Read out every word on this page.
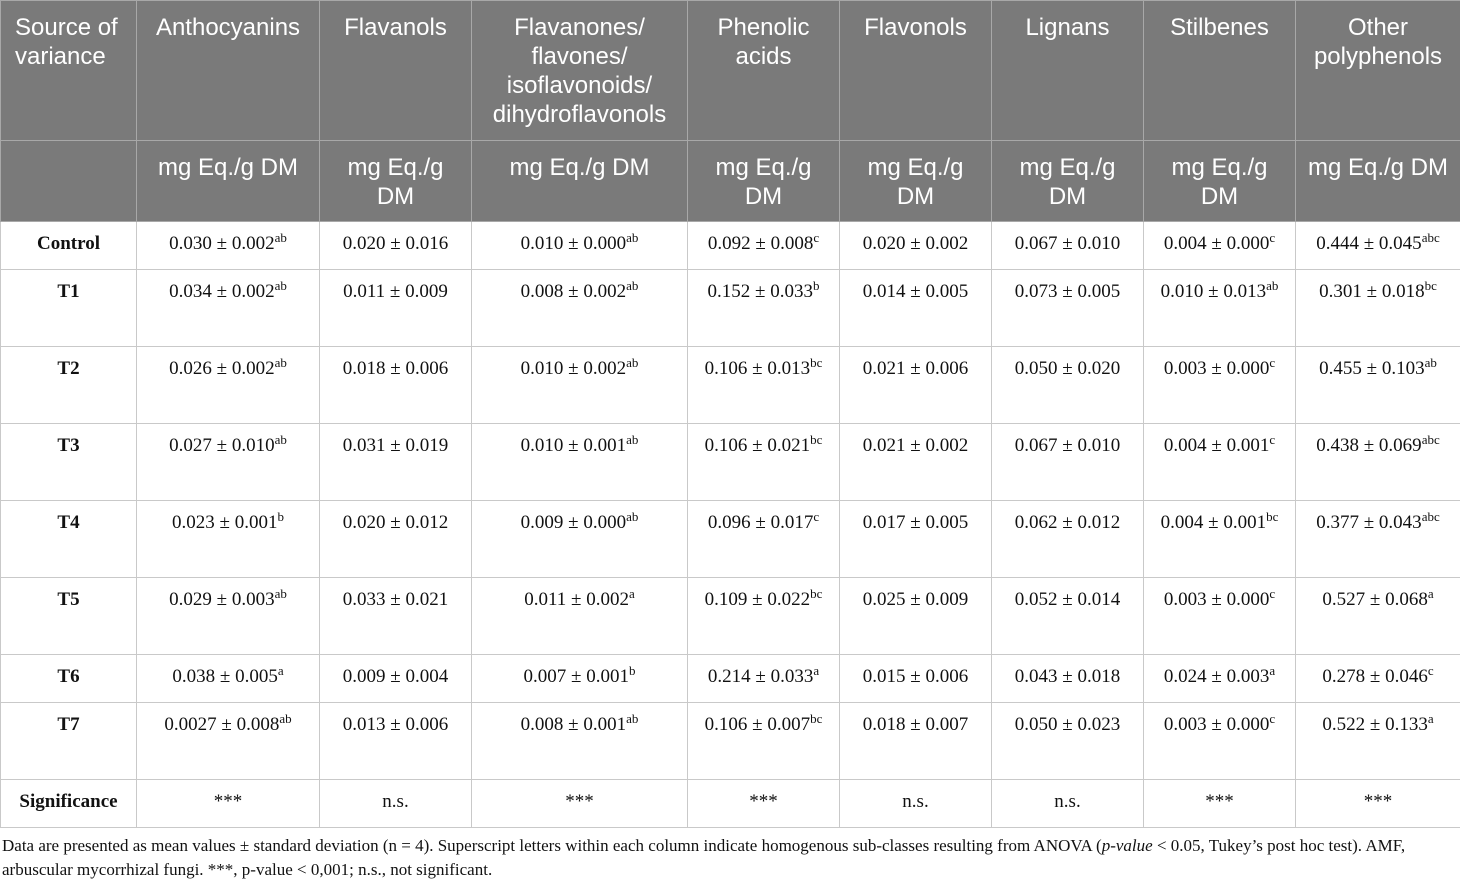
Source of variance	Anthocyanins	Flavanols	Flavanones/ flavones/ isoflavonoids/ dihydroflavonols	Phenolic acids	Flavonols	Lignans	Stilbenes	Other polyphenols
	mg Eq./g DM	mg Eq./g DM	mg Eq./g DM	mg Eq./g DM	mg Eq./g DM	mg Eq./g DM	mg Eq./g DM	mg Eq./g DM
Control	0.030 ± 0.002$^{ab}$	0.020 ± 0.016	0.010 ± 0.000$^{ab}$	0.092 ± 0.008$^c$	0.020 ± 0.002	0.067 ± 0.010	0.004 ± 0.000$^c$	0.444 ± 0.045$^{abc}$
T1	0.034 ± 0.002$^{ab}$	0.011 ± 0.009	0.008 ± 0.002$^{ab}$	0.152 ± 0.033$^b$	0.014 ± 0.005	0.073 ± 0.005	0.010 ± 0.013$^{ab}$	0.301 ± 0.018$^{bc}$
T2	0.026 ± 0.002$^{ab}$	0.018 ± 0.006	0.010 ± 0.002$^{ab}$	0.106 ± 0.013$^{bc}$	0.021 ± 0.006	0.050 ± 0.020	0.003 ± 0.000$^c$	0.455 ± 0.103$^{ab}$
T3	0.027 ± 0.010$^{ab}$	0.031 ± 0.019	0.010 ± 0.001$^{ab}$	0.106 ± 0.021$^{bc}$	0.021 ± 0.002	0.067 ± 0.010	0.004 ± 0.001$^c$	0.438 ± 0.069$^{abc}$
T4	0.023 ± 0.001$^b$	0.020 ± 0.012	0.009 ± 0.000$^{ab}$	0.096 ± 0.017$^c$	0.017 ± 0.005	0.062 ± 0.012	0.004 ± 0.001$^{bc}$	0.377 ± 0.043$^{abc}$
T5	0.029 ± 0.003$^{ab}$	0.033 ± 0.021	0.011 ± 0.002$^a$	0.109 ± 0.022$^{bc}$	0.025 ± 0.009	0.052 ± 0.014	0.003 ± 0.000$^c$	0.527 ± 0.068$^a$
T6	0.038 ± 0.005$^a$	0.009 ± 0.004	0.007 ± 0.001$^b$	0.214 ± 0.033$^a$	0.015 ± 0.006	0.043 ± 0.018	0.024 ± 0.003$^a$	0.278 ± 0.046$^c$
T7	0.0027 ± 0.008$^{ab}$	0.013 ± 0.006	0.008 ± 0.001$^{ab}$	0.106 ± 0.007$^{bc}$	0.018 ± 0.007	0.050 ± 0.023	0.003 ± 0.000$^c$	0.522 ± 0.133$^a$
Significance	***	n.s.	***	***	n.s.	n.s.	***	***

Data are presented as mean values ± standard deviation (n = 4). Superscript letters within each column indicate homogenous sub-classes resulting from ANOVA (p-value < 0.05, Tukey’s post hoc test). AMF, arbuscular mycorrhizal fungi. ***, p-value < 0,001; n.s., not significant.
